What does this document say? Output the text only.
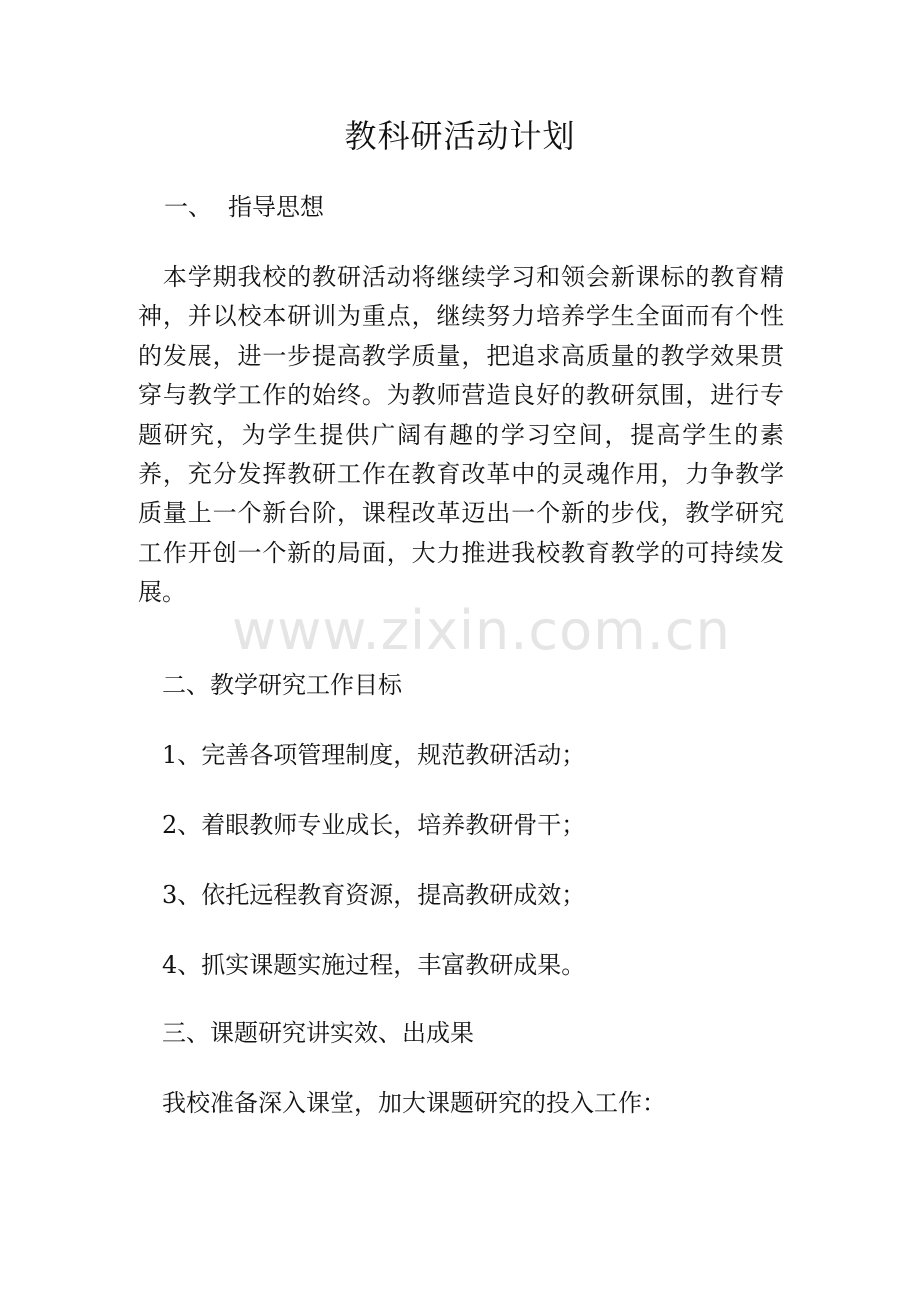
教科研活动计划
一、 指导思想
本学期我校的教研活动将继续学习和领会新课标的教育精神，并以校本研训为重点，继续努力培养学生全面而有个性的发展，进一步提高教学质量，把追求高质量的教学效果贯穿与教学工作的始终。为教师营造良好的教研氛围，进行专题研究，为学生提供广阔有趣的学习空间，提高学生的素养，充分发挥教研工作在教育改革中的灵魂作用，力争教学质量上一个新台阶，课程改革迈出一个新的步伐，教学研究工作开创一个新的局面，大力推进我校教育教学的可持续发展。
二、教学研究工作目标
1、完善各项管理制度，规范教研活动；
2、着眼教师专业成长，培养教研骨干；
3、依托远程教育资源，提高教研成效；
4、抓实课题实施过程，丰富教研成果。
三、课题研究讲实效、出成果
我校准备深入课堂，加大课题研究的投入工作：
www.zixin.com.cn
